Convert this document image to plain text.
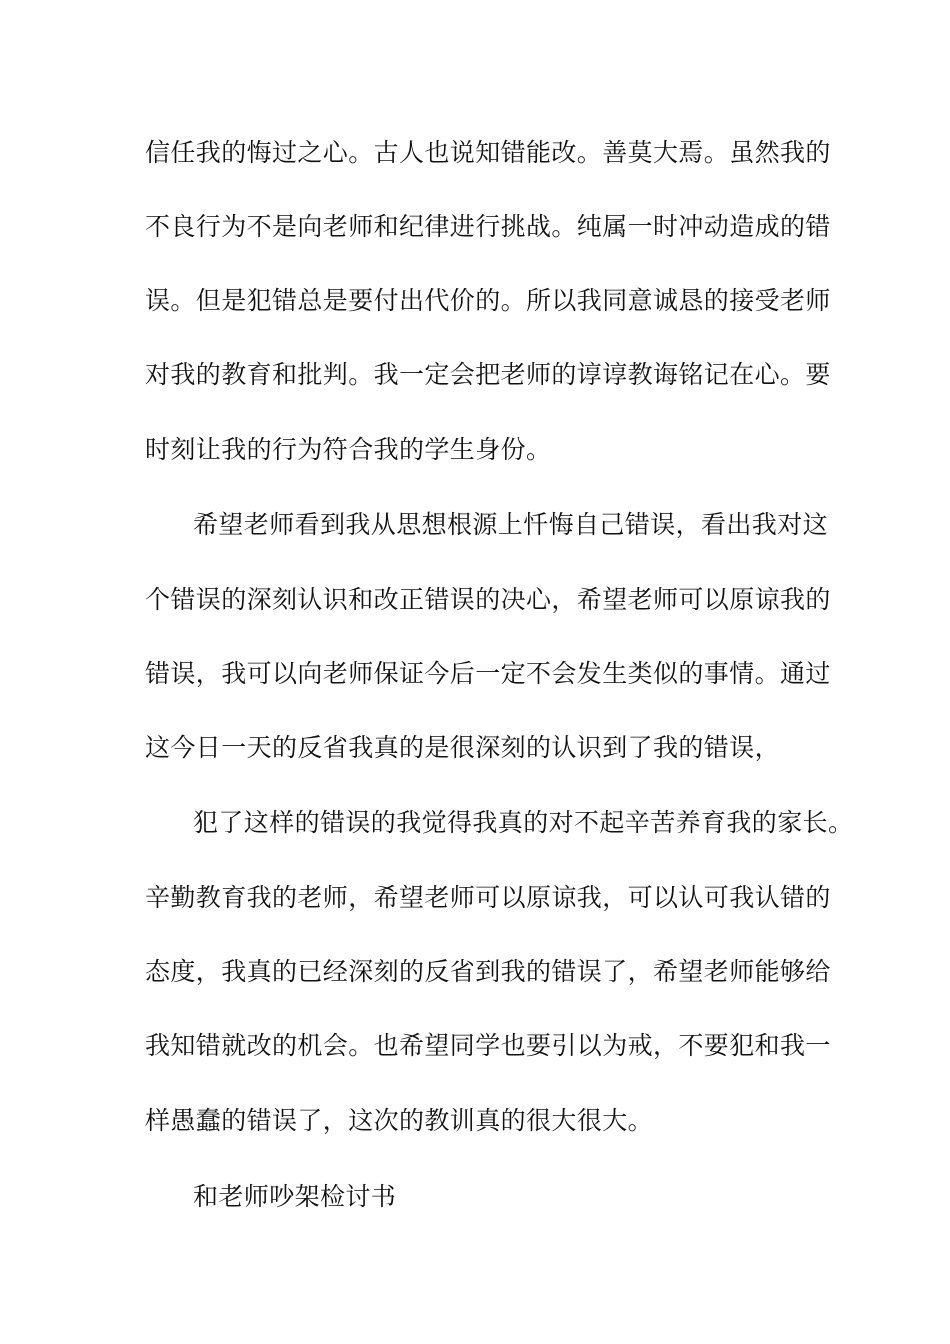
信任我的悔过之心。古人也说知错能改。善莫大焉。虽然我的
不良行为不是向老师和纪律进行挑战。纯属一时冲动造成的错
误。但是犯错总是要付出代价的。所以我同意诚恳的接受老师
对我的教育和批判。我一定会把老师的谆谆教诲铭记在心。要
时刻让我的行为符合我的学生身份。
希望老师看到我从思想根源上忏悔自己错误，看出我对这
个错误的深刻认识和改正错误的决心，希望老师可以原谅我的
错误，我可以向老师保证今后一定不会发生类似的事情。通过
这今日一天的反省我真的是很深刻的认识到了我的错误，
犯了这样的错误的我觉得我真的对不起辛苦养育我的家长。
辛勤教育我的老师，希望老师可以原谅我，可以认可我认错的
态度，我真的已经深刻的反省到我的错误了，希望老师能够给
我知错就改的机会。也希望同学也要引以为戒，不要犯和我一
样愚蠢的错误了，这次的教训真的很大很大。
和老师吵架检讨书
